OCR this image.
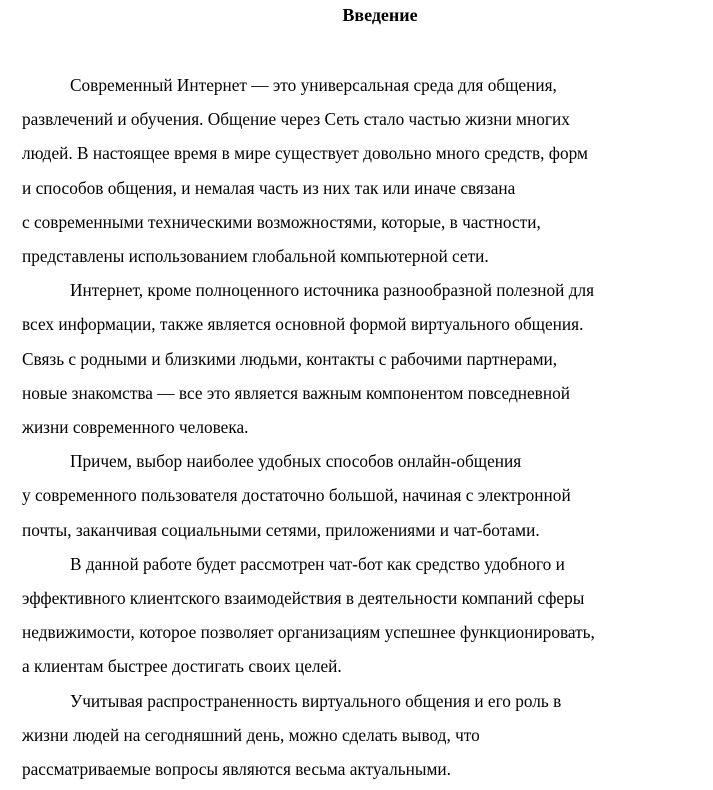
Введение
Современный Интернет — это универсальная среда для общения,
развлечений и обучения. Общение через Сеть стало частью жизни многих
людей. В настоящее время в мире существует довольно много средств, форм
и способов общения, и немалая часть из них так или иначе связана
с современными техническими возможностями, которые, в частности,
представлены использованием глобальной компьютерной сети.
Интернет, кроме полноценного источника разнообразной полезной для
всех информации, также является основной формой виртуального общения.
Связь с родными и близкими людьми, контакты с рабочими партнерами,
новые знакомства — все это является важным компонентом повседневной
жизни современного человека.
Причем, выбор наиболее удобных способов онлайн-общения
у современного пользователя достаточно большой, начиная с электронной
почты, заканчивая социальными сетями, приложениями и чат-ботами.
В данной работе будет рассмотрен чат-бот как средство удобного и
эффективного клиентского взаимодействия в деятельности компаний сферы
недвижимости, которое позволяет организациям успешнее функционировать,
а клиентам быстрее достигать своих целей.
Учитывая распространенность виртуального общения и его роль в
жизни людей на сегодняшний день, можно сделать вывод, что
рассматриваемые вопросы являются весьма актуальными.
